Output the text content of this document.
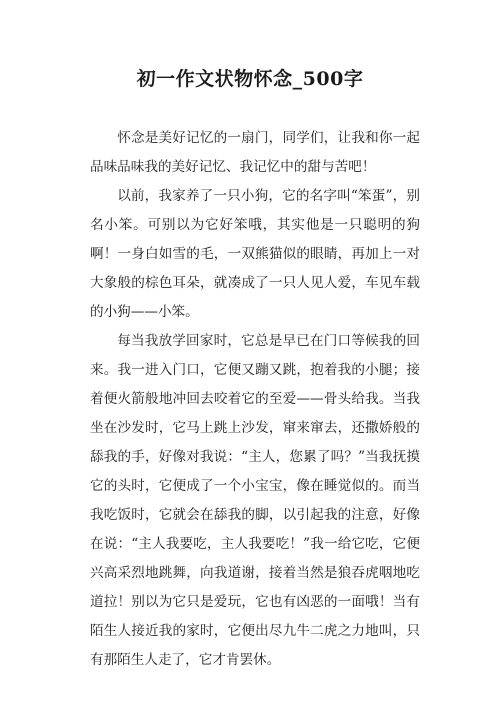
初一作文状物怀念_500字

怀念是美好记忆的一扇门，同学们，让我和你一起品味品味我的美好记忆、我记忆中的甜与苦吧！

以前，我家养了一只小狗，它的名字叫“笨蛋”，别名小笨。可别以为它好笨哦，其实他是一只聪明的狗啊！一身白如雪的毛，一双熊猫似的眼睛，再加上一对大象般的棕色耳朵，就凑成了一只人见人爱，车见车载的小狗——小笨。

每当我放学回家时，它总是早已在门口等候我的回来。我一进入门口，它便又蹦又跳，抱着我的小腿；接着便火箭般地冲回去咬着它的至爱——骨头给我。当我坐在沙发时，它马上跳上沙发，窜来窜去，还撒娇般的舔我的手，好像对我说：“主人，您累了吗？”当我抚摸它的头时，它便成了一个小宝宝，像在睡觉似的。而当我吃饭时，它就会在舔我的脚，以引起我的注意，好像在说：“主人我要吃，主人我要吃！”我一给它吃，它便兴高采烈地跳舞，向我道谢，接着当然是狼吞虎咽地吃道拉！别以为它只是爱玩，它也有凶恶的一面哦！当有陌生人接近我的家时，它便出尽九牛二虎之力地叫，只有那陌生人走了，它才肯罢休。
